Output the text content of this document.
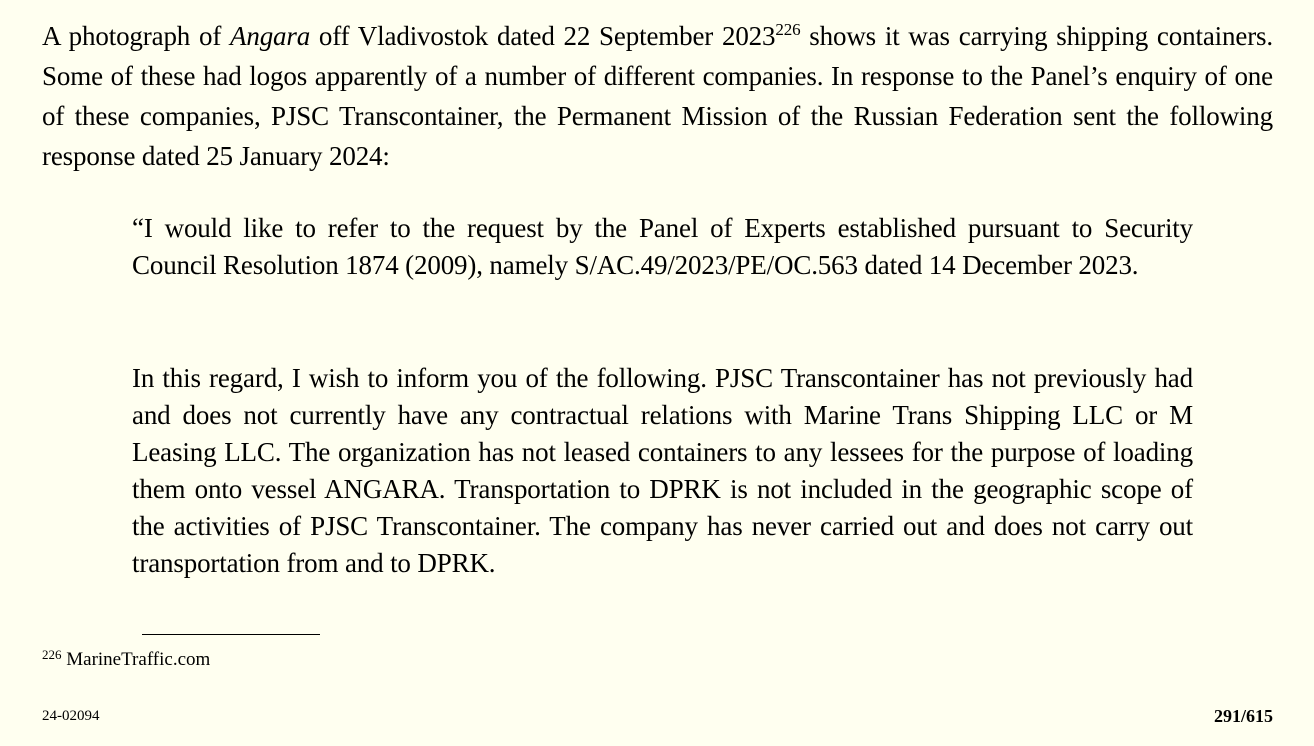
A photograph of Angara off Vladivostok dated 22 September 2023$^{226}$ shows it was carrying shipping containers. Some of these had logos apparently of a number of different companies. In response to the Panel’s enquiry of one of these companies, PJSC Transcontainer, the Permanent Mission of the Russian Federation sent the following response dated 25 January 2024:

“I would like to refer to the request by the Panel of Experts established pursuant to Security Council Resolution 1874 (2009), namely S/AC.49/2023/PE/OC.563 dated 14 December 2023.

In this regard, I wish to inform you of the following. PJSC Transcontainer has not previously had and does not currently have any contractual relations with Marine Trans Shipping LLC or M Leasing LLC. The organization has not leased containers to any lessees for the purpose of loading them onto vessel ANGARA. Transportation to DPRK is not included in the geographic scope of the activities of PJSC Transcontainer. The company has never carried out and does not carry out transportation from and to DPRK.

$^{226}$ MarineTraffic.com

24-02094	291/615
